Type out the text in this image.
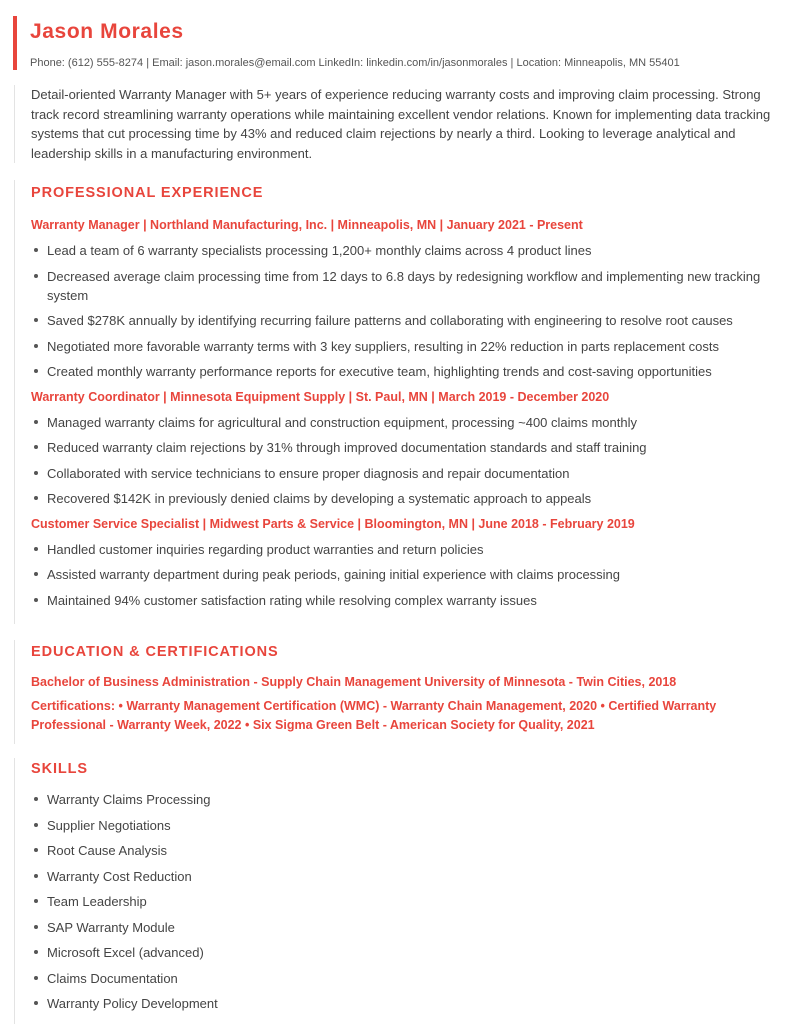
Jason Morales
Phone: (612) 555-8274 | Email: jason.morales@email.com LinkedIn: linkedin.com/in/jasonmorales | Location: Minneapolis, MN 55401

Detail-oriented Warranty Manager with 5+ years of experience reducing warranty costs and improving claim processing. Strong track record streamlining warranty operations while maintaining excellent vendor relations. Known for implementing data tracking systems that cut processing time by 43% and reduced claim rejections by nearly a third. Looking to leverage analytical and leadership skills in a manufacturing environment.

PROFESSIONAL EXPERIENCE
Warranty Manager | Northland Manufacturing, Inc. | Minneapolis, MN | January 2021 - Present
Lead a team of 6 warranty specialists processing 1,200+ monthly claims across 4 product lines
Decreased average claim processing time from 12 days to 6.8 days by redesigning workflow and implementing new tracking system
Saved $278K annually by identifying recurring failure patterns and collaborating with engineering to resolve root causes
Negotiated more favorable warranty terms with 3 key suppliers, resulting in 22% reduction in parts replacement costs
Created monthly warranty performance reports for executive team, highlighting trends and cost-saving opportunities
Warranty Coordinator | Minnesota Equipment Supply | St. Paul, MN | March 2019 - December 2020
Managed warranty claims for agricultural and construction equipment, processing ~400 claims monthly
Reduced warranty claim rejections by 31% through improved documentation standards and staff training
Collaborated with service technicians to ensure proper diagnosis and repair documentation
Recovered $142K in previously denied claims by developing a systematic approach to appeals
Customer Service Specialist | Midwest Parts & Service | Bloomington, MN | June 2018 - February 2019
Handled customer inquiries regarding product warranties and return policies
Assisted warranty department during peak periods, gaining initial experience with claims processing
Maintained 94% customer satisfaction rating while resolving complex warranty issues
EDUCATION & CERTIFICATIONS
Bachelor of Business Administration - Supply Chain Management University of Minnesota - Twin Cities, 2018
Certifications: • Warranty Management Certification (WMC) - Warranty Chain Management, 2020 • Certified Warranty Professional - Warranty Week, 2022 • Six Sigma Green Belt - American Society for Quality, 2021
SKILLS
Warranty Claims Processing
Supplier Negotiations
Root Cause Analysis
Warranty Cost Reduction
Team Leadership
SAP Warranty Module
Microsoft Excel (advanced)
Claims Documentation
Warranty Policy Development
